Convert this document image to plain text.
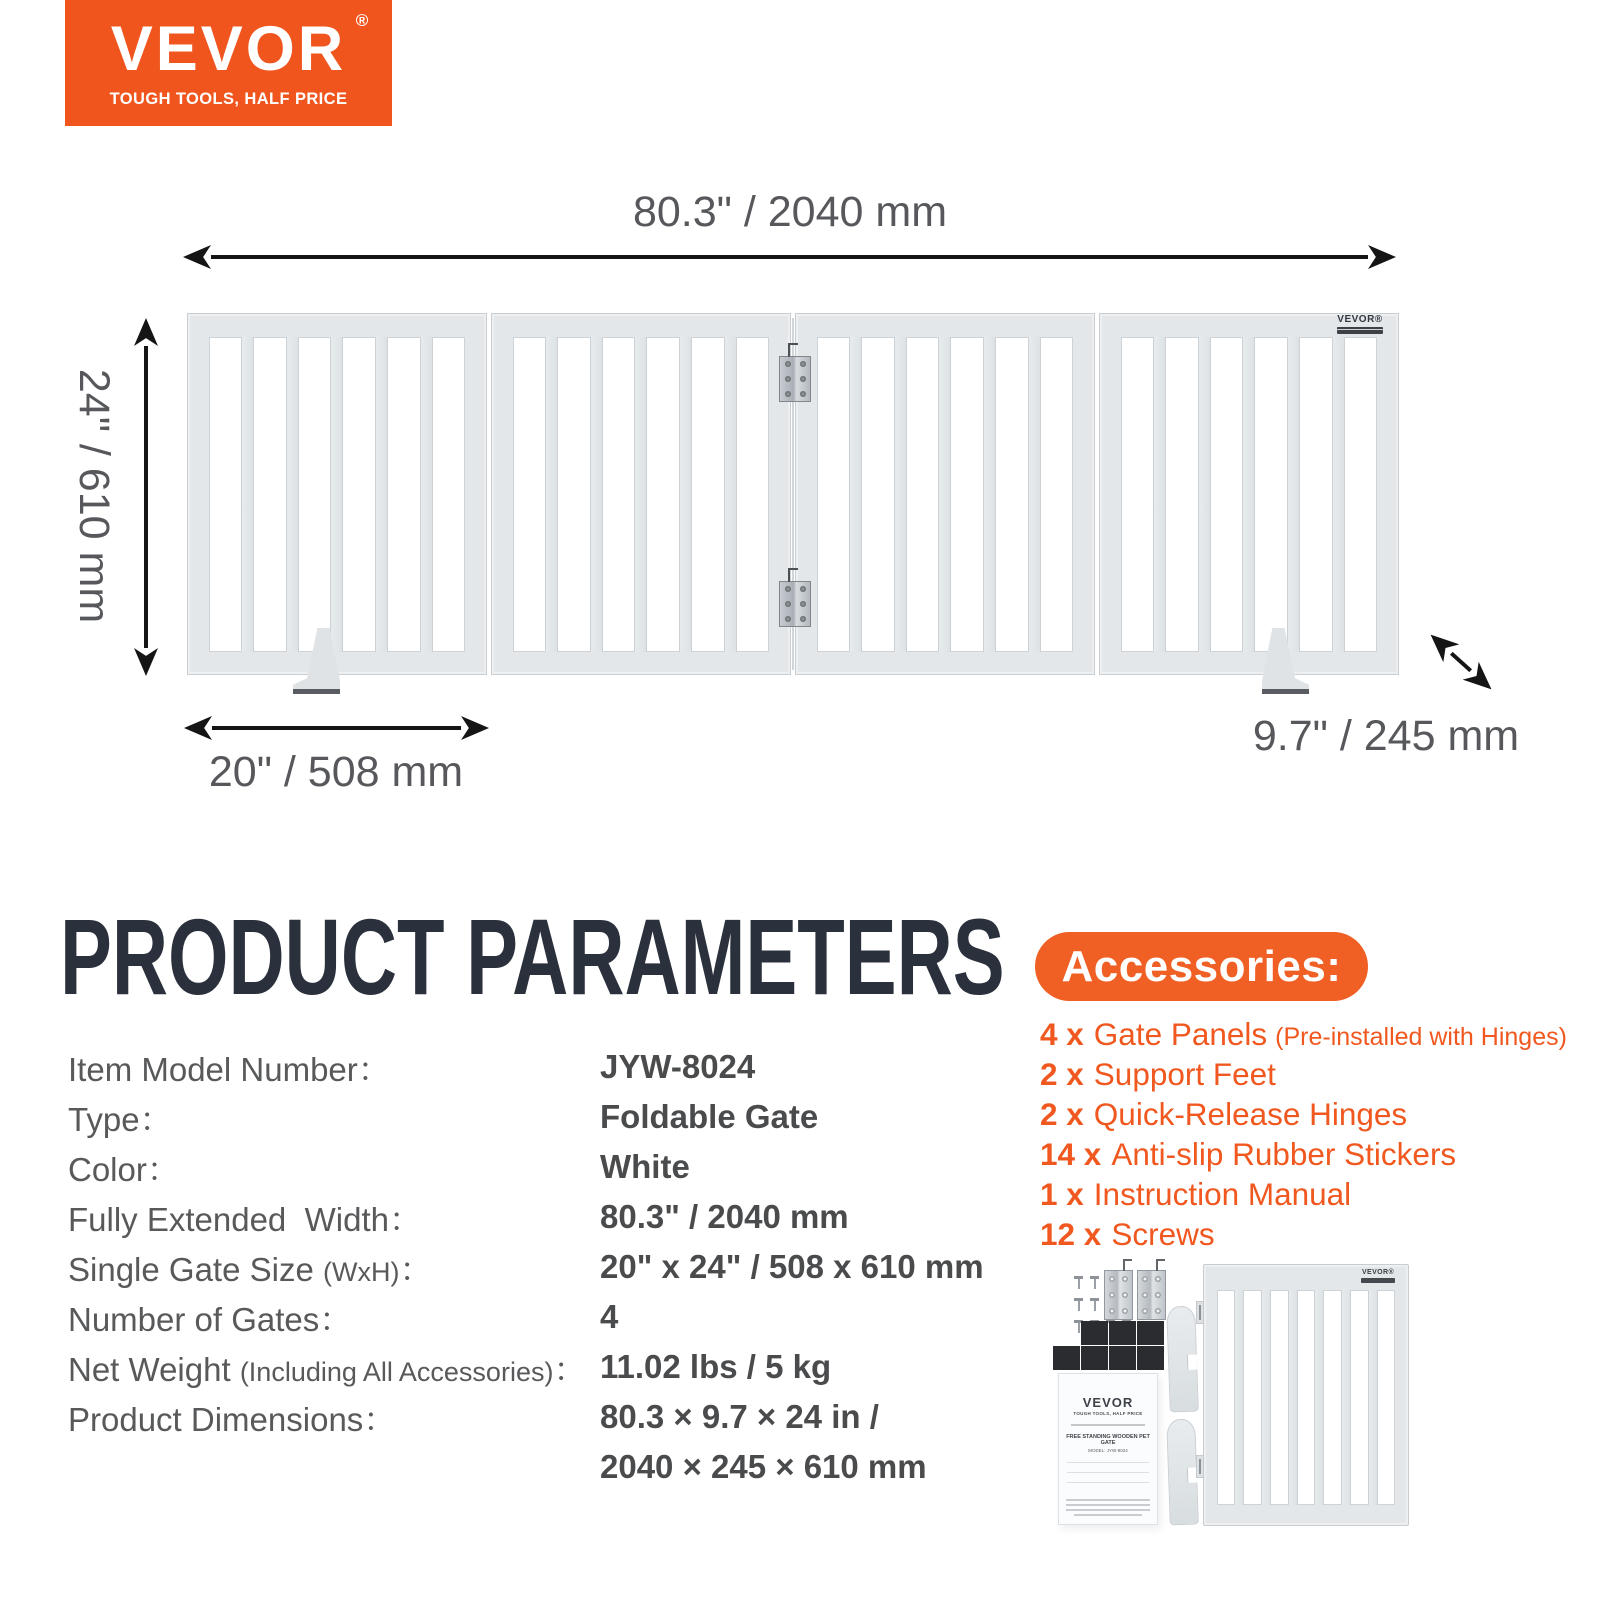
VEVOR ®
TOUGH TOOLS, HALF PRICE
80.3" / 2040 mm
24" / 610 mm
VEVOR®
20" / 508 mm
9.7" / 245 mm
PRODUCT PARAMETERS
Item Model Number：	JYW-8024
Type：	Foldable Gate
Color：	White
Fully Extended  Width：	80.3" / 2040 mm
Single Gate Size (WxH)：	20" x 24" / 508 x 610 mm
Number of Gates：	4
Net Weight (Including All Accessories)： 11.02 lbs / 5 kg
Product Dimensions：	80.3 × 9.7 × 24 in /
2040 × 245 × 610 mm
Accessories:
4 x Gate Panels (Pre-installed with Hinges)
2 x Support Feet
2 x Quick-Release Hinges
14 x Anti-slip Rubber Stickers
1 x Instruction Manual
12 x Screws
VEVOR
TOUGH TOOLS, HALF PRICE
FREE STANDING WOODEN PET GATE
MODEL: JYW-8024
VEVOR®
